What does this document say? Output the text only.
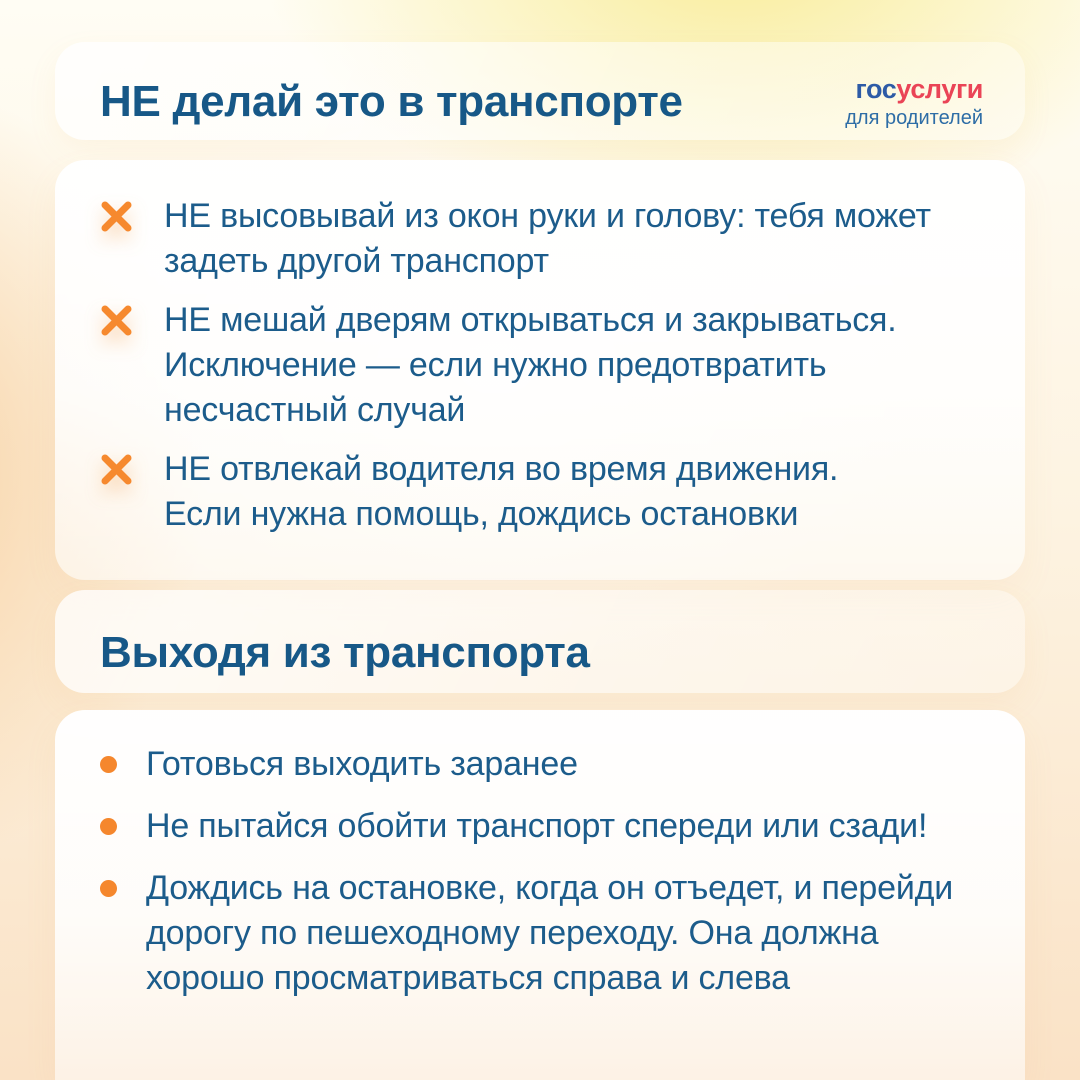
НЕ делай это в транспорте	госуслуги
для родителей
НЕ высовывай из окон руки и голову: тебя может
задеть другой транспорт
НЕ мешай дверям открываться и закрываться.
Исключение — если нужно предотвратить
несчастный случай
НЕ отвлекай водителя во время движения.
Если нужна помощь, дождись остановки
Выходя из транспорта
Готовься выходить заранее
Не пытайся обойти транспорт спереди или сзади!
Дождись на остановке, когда он отъедет, и перейди
дорогу по пешеходному переходу. Она должна
хорошо просматриваться справа и слева
